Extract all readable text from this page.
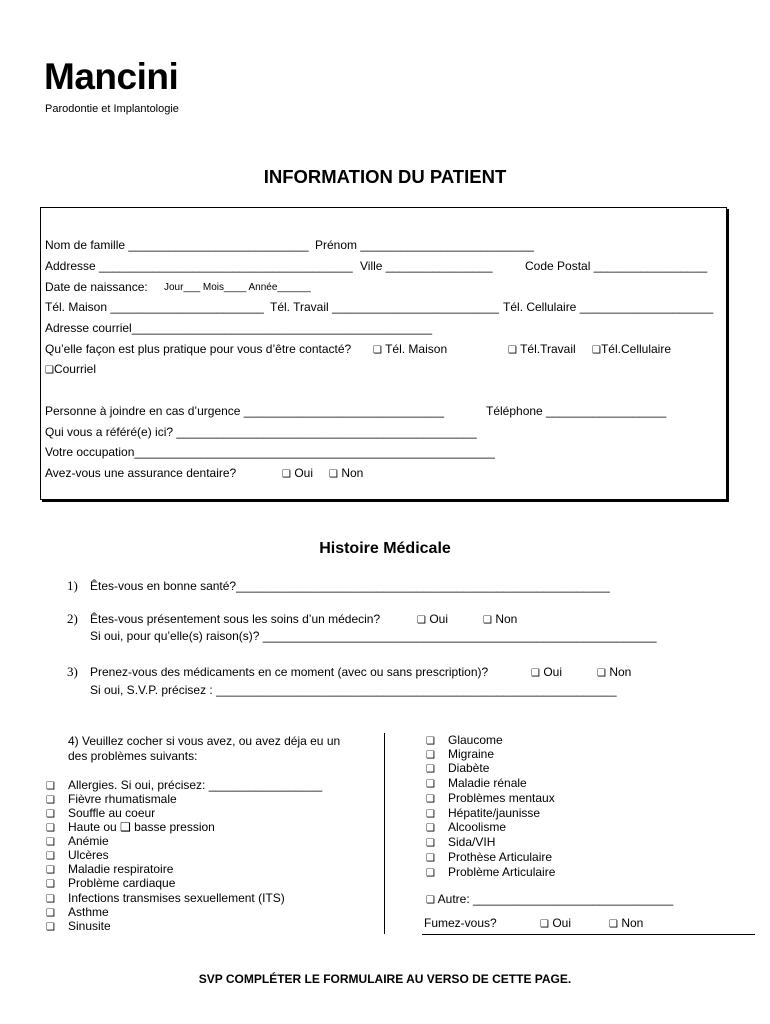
Mancini
Parodontie et Implantologie
INFORMATION DU PATIENT
Nom de famille ___________________________ Prénom __________________________
Addresse ______________________________________ Ville ________________	Code Postal _________________
Date de naissance: Jour___ Mois____ Année______
Tél. Maison _______________________ Tél. Travail _________________________ Tél. Cellulaire ____________________
Adresse courriel_____________________________________________
Qu’elle façon est plus pratique pour vous d’être contacté? ❑ Tél. Maison	❑ Tél.Travail ❑Tél.Cellulaire
❑Courriel
Personne à joindre en cas d’urgence ______________________________	Téléphone __________________
Qui vous a référé(e) ici? _____________________________________________
Votre occupation______________________________________________________
Avez-vous une assurance dentaire?	❑ Oui ❑ Non
Histoire Médicale
1) Êtes-vous en bonne santé?________________________________________________________
2) Êtes-vous présentement sous les soins d’un médecin?	❑ Oui	❑ Non
Si oui, pour qu’elle(s) raison(s)? ___________________________________________________________
3) Prenez-vous des médicaments en ce moment (avec ou sans prescription)?	❑ Oui	❑ Non
Si oui, S.V.P. précisez : ____________________________________________________________
4) Veuillez cocher si vous avez, ou avez déja eu un
des problèmes suivants:
❑ Allergies. Si oui, précisez: _________________
❑ Fièvre rhumatismale
❑ Souffle au coeur
❑ Haute ou ❑ basse pression
❑ Anémie
❑ Ulcères
❑ Maladie respiratoire
❑ Problème cardiaque
❑ Infections transmises sexuellement (ITS)
❑ Asthme
❑ Sinusite
❑ Glaucome
❑ Migraine
❑ Diabète
❑ Maladie rénale
❑ Problèmes mentaux
❑ Hépatite/jaunisse
❑ Alcoolisme
❑ Sida/VIH
❑ Prothèse Articulaire
❑ Problème Articulaire
❑ Autre: ______________________________
Fumez-vous?	❑ Oui	❑ Non
SVP COMPLÉTER LE FORMULAIRE AU VERSO DE CETTE PAGE.
